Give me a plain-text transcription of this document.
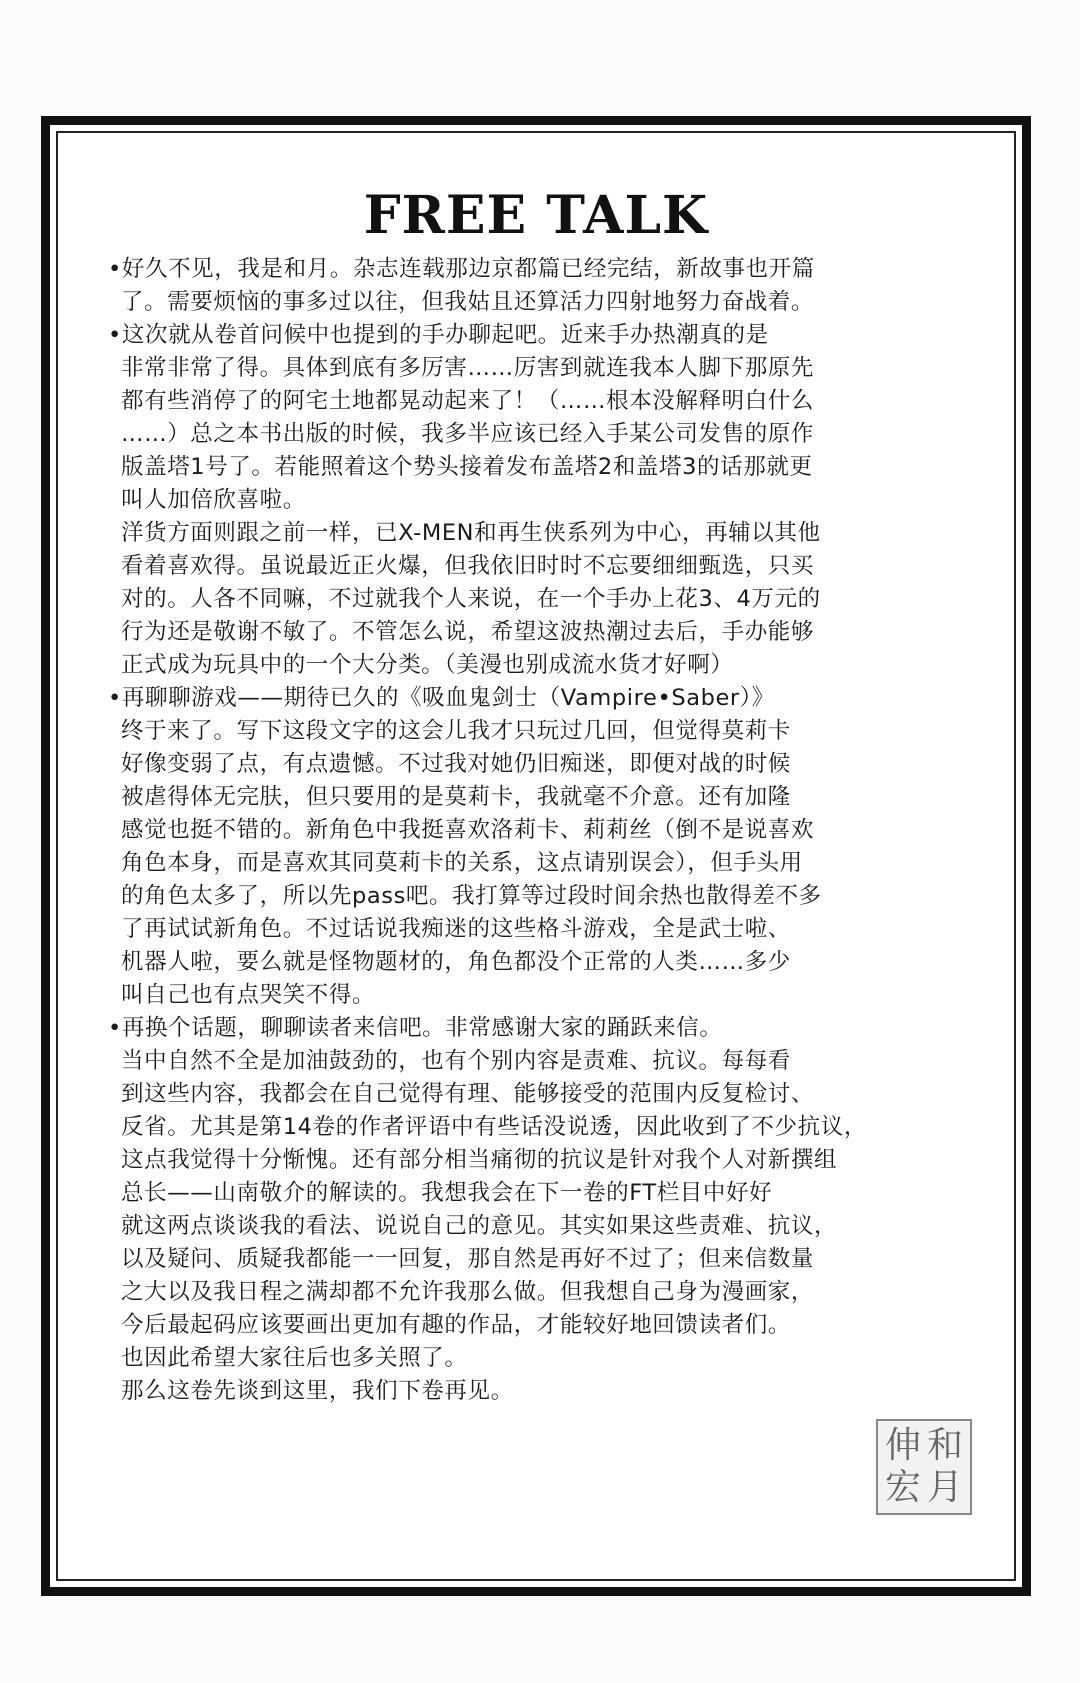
FREE TALK
•好久不见，我是和月。杂志连载那边京都篇已经完结，新故事也开篇
了。需要烦恼的事多过以往，但我姑且还算活力四射地努力奋战着。
•这次就从卷首问候中也提到的手办聊起吧。近来手办热潮真的是
非常非常了得。具体到底有多厉害……厉害到就连我本人脚下那原先
都有些消停了的阿宅土地都晃动起来了！（……根本没解释明白什么
……）总之本书出版的时候，我多半应该已经入手某公司发售的原作
版盖塔1号了。若能照着这个势头接着发布盖塔2和盖塔3的话那就更
叫人加倍欣喜啦。
洋货方面则跟之前一样，已X-MEN和再生侠系列为中心，再辅以其他
看着喜欢得。虽说最近正火爆，但我依旧时时不忘要细细甄选，只买
对的。人各不同嘛，不过就我个人来说，在一个手办上花3、4万元的
行为还是敬谢不敏了。不管怎么说，希望这波热潮过去后，手办能够
正式成为玩具中的一个大分类。（美漫也别成流水货才好啊）
•再聊聊游戏——期待已久的《吸血鬼剑士（Vampire•Saber）》
终于来了。写下这段文字的这会儿我才只玩过几回，但觉得莫莉卡
好像变弱了点，有点遗憾。不过我对她仍旧痴迷，即便对战的时候
被虐得体无完肤，但只要用的是莫莉卡，我就毫不介意。还有加隆
感觉也挺不错的。新角色中我挺喜欢洛莉卡、莉莉丝（倒不是说喜欢
角色本身，而是喜欢其同莫莉卡的关系，这点请别误会），但手头用
的角色太多了，所以先pass吧。我打算等过段时间余热也散得差不多
了再试试新角色。不过话说我痴迷的这些格斗游戏，全是武士啦、
机器人啦，要么就是怪物题材的，角色都没个正常的人类……多少
叫自己也有点哭笑不得。
•再换个话题，聊聊读者来信吧。非常感谢大家的踊跃来信。
当中自然不全是加油鼓劲的，也有个别内容是责难、抗议。每每看
到这些内容，我都会在自己觉得有理、能够接受的范围内反复检讨、
反省。尤其是第14卷的作者评语中有些话没说透，因此收到了不少抗议，
这点我觉得十分惭愧。还有部分相当痛彻的抗议是针对我个人对新撰组
总长——山南敬介的解读的。我想我会在下一卷的FT栏目中好好
就这两点谈谈我的看法、说说自己的意见。其实如果这些责难、抗议，
以及疑问、质疑我都能一一回复，那自然是再好不过了；但来信数量
之大以及我日程之满却都不允许我那么做。但我想自己身为漫画家，
今后最起码应该要画出更加有趣的作品，才能较好地回馈读者们。
也因此希望大家往后也多关照了。
那么这卷先谈到这里，我们下卷再见。
伸 和
宏 月
